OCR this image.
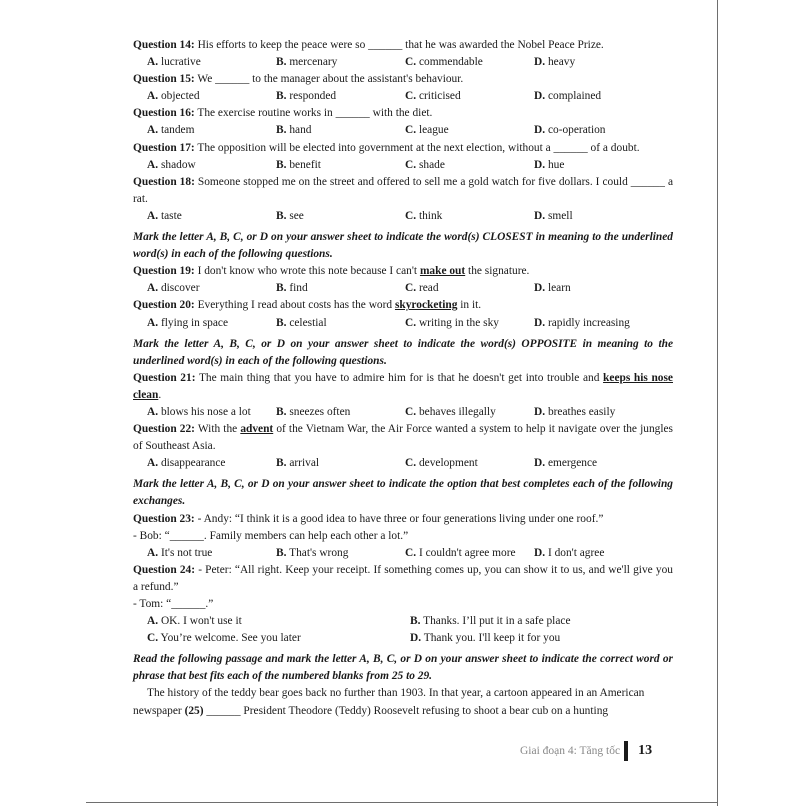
Question 14: His efforts to keep the peace were so ______ that he was awarded the Nobel Peace Prize.
A. lucrative	B. mercenary	C. commendable	D. heavy
Question 15: We ______ to the manager about the assistant's behaviour.
A. objected	B. responded	C. criticised	D. complained
Question 16: The exercise routine works in ______ with the diet.
A. tandem	B. hand	C. league	D. co-operation
Question 17: The opposition will be elected into government at the next election, without a ______ of a doubt.
A. shadow	B. benefit	C. shade	D. hue
Question 18: Someone stopped me on the street and offered to sell me a gold watch for five dollars. I could ______ a rat.
A. taste	B. see	C. think	D. smell
Mark the letter A, B, C, or D on your answer sheet to indicate the word(s) CLOSEST in meaning to the underlined word(s) in each of the following questions.
Question 19: I don't know who wrote this note because I can't make out the signature.
A. discover	B. find	C. read	D. learn
Question 20: Everything I read about costs has the word skyrocketing in it.
A. flying in space	B. celestial	C. writing in the sky	D. rapidly increasing
Mark the letter A, B, C, or D on your answer sheet to indicate the word(s) OPPOSITE in meaning to the underlined word(s) in each of the following questions.
Question 21: The main thing that you have to admire him for is that he doesn't get into trouble and keeps his nose clean.
A. blows his nose a lot	B. sneezes often	C. behaves illegally	D. breathes easily
Question 22: With the advent of the Vietnam War, the Air Force wanted a system to help it navigate over the jungles of Southeast Asia.
A. disappearance	B. arrival	C. development	D. emergence
Mark the letter A, B, C, or D on your answer sheet to indicate the option that best completes each of the following exchanges.
Question 23: - Andy: “I think it is a good idea to have three or four generations living under one roof.”
- Bob: “______. Family members can help each other a lot.”
A. It's not true	B. That's wrong	C. I couldn't agree more	D. I don't agree
Question 24: - Peter: “All right. Keep your receipt. If something comes up, you can show it to us, and we'll give you a refund.”
- Tom: “______.”
A. OK. I won't use it	B. Thanks. I’ll put it in a safe place
C. You’re welcome. See you later	D. Thank you. I'll keep it for you
Read the following passage and mark the letter A, B, C, or D on your answer sheet to indicate the correct word or phrase that best fits each of the numbered blanks from 25 to 29.
The history of the teddy bear goes back no further than 1903. In that year, a cartoon appeared in an American
newspaper (25) ______ President Theodore (Teddy) Roosevelt refusing to shoot a bear cub on a hunting
Giai đoạn 4: Tăng tốc 13
